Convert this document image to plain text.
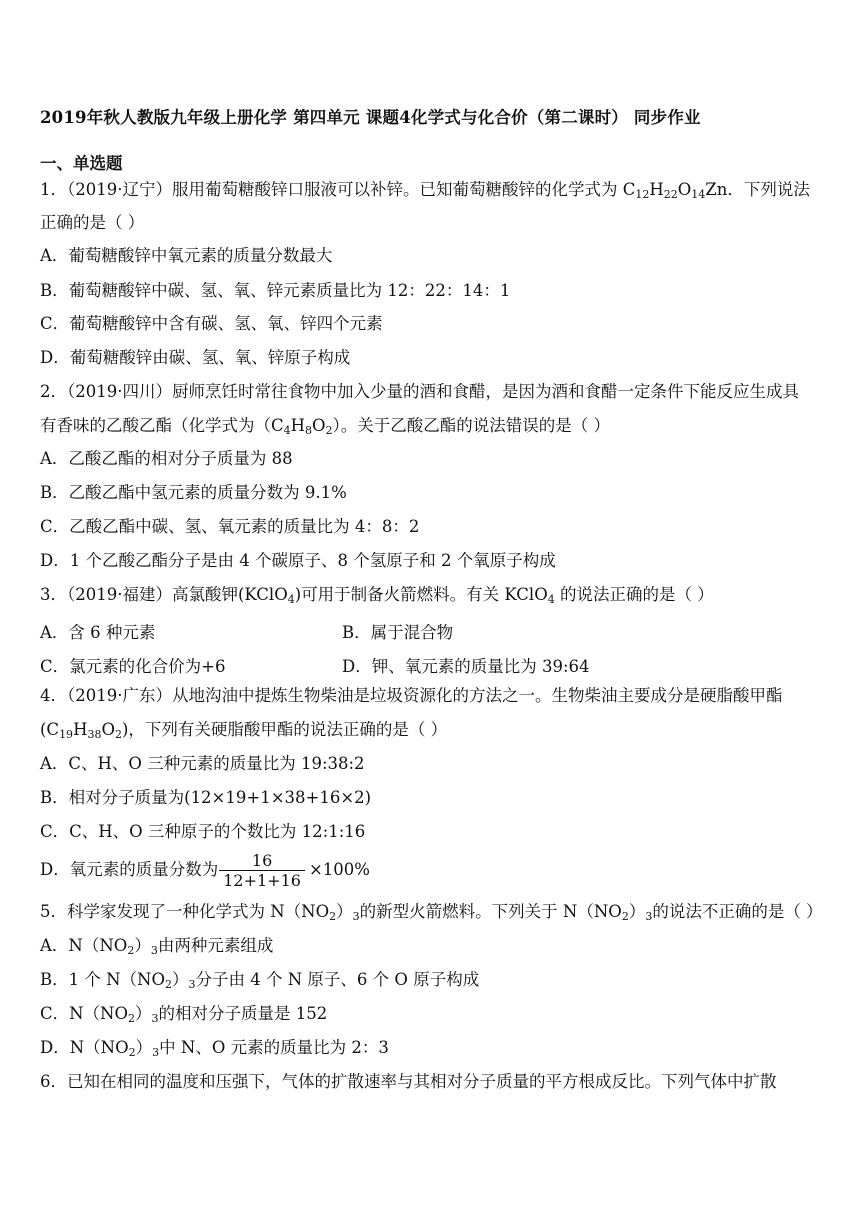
2019年秋人教版九年级上册化学 第四单元 课题4化学式与化合价（第二课时） 同步作业
一、单选题
1．（2019·辽宁）服用葡萄糖酸锌口服液可以补锌。已知葡萄糖酸锌的化学式为 $C_{12}H_{22}O_{14}Zn$．下列说法
正确的是（ ）
A．葡萄糖酸锌中氧元素的质量分数最大
B．葡萄糖酸锌中碳、氢、氧、锌元素质量比为 12：22：14：1
C．葡萄糖酸锌中含有碳、氢、氧、锌四个元素
D．葡萄糖酸锌由碳、氢、氧、锌原子构成
2．（2019·四川）厨师烹饪时常往食物中加入少量的酒和食醋，是因为酒和食醋一定条件下能反应生成具
有香味的乙酸乙酯（化学式为$(C_4H_8O_2)$。关于乙酸乙酯的说法错误的是（ ）
A．乙酸乙酯的相对分子质量为 88
B．乙酸乙酯中氢元素的质量分数为 9.1%
C．乙酸乙酯中碳、氢、氧元素的质量比为 4：8：2
D．1 个乙酸乙酯分子是由 4 个碳原子、8 个氢原子和 2 个氧原子构成
3．（2019·福建）高氯酸钾(KClO$_4$)可用于制备火箭燃料。有关 KClO$_4$ 的说法正确的是（ ）
A．含 6 种元素	B．属于混合物
C．氯元素的化合价为+6	D．钾、氧元素的质量比为 39:64
4．（2019·广东）从地沟油中提炼生物柴油是垃圾资源化的方法之一。生物柴油主要成分是硬脂酸甲酯
$(C_{19}H_{38}O_2)$，下列有关硬脂酸甲酯的说法正确的是（ ）
A．C、H、O 三种元素的质量比为 19:38:2
B．相对分子质量为(12×19+1×38+16×2)
C．C、H、O 三种原子的个数比为 12:1:16
D．氧元素的质量分数为 $\frac{16}{12+1+16} \times 100\%$
5．科学家发现了一种化学式为 N（NO2）3的新型火箭燃料。下列关于 N（NO2）3的说法不正确的是（ ）
A．N（NO2）3由两种元素组成
B．1 个 N（NO2）3分子由 4 个 N 原子、6 个 O 原子构成
C．N（NO2）3的相对分子质量是 152
D．N（NO2）3中 N、O 元素的质量比为 2：3
6．已知在相同的温度和压强下，气体的扩散速率与其相对分子质量的平方根成反比。下列气体中扩散
